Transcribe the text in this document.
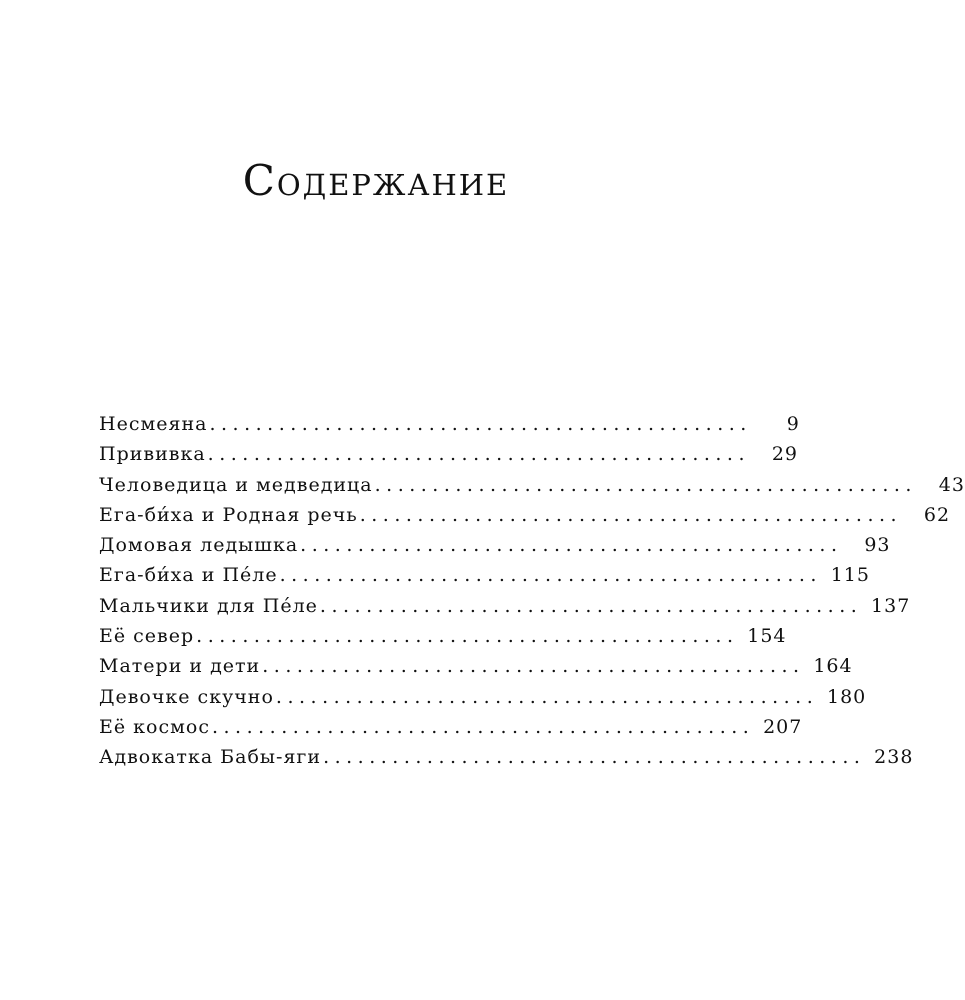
Содержание
Несмеяна ...............................................	9
Прививка ...............................................	29
Человедица и медведица ...............................................	43
Ега-би́ха и Родная речь ...............................................	62
Домовая ледышка ...............................................	93
Ега-би́ха и Пе́ле ............................................... 115
Мальчики для Пе́ле ............................................... 137
Её север ............................................... 154
Матери и дети ............................................... 164
Девочке скучно ............................................... 180
Её космос ............................................... 207
Адвокатка Бабы-яги ............................................... 238
